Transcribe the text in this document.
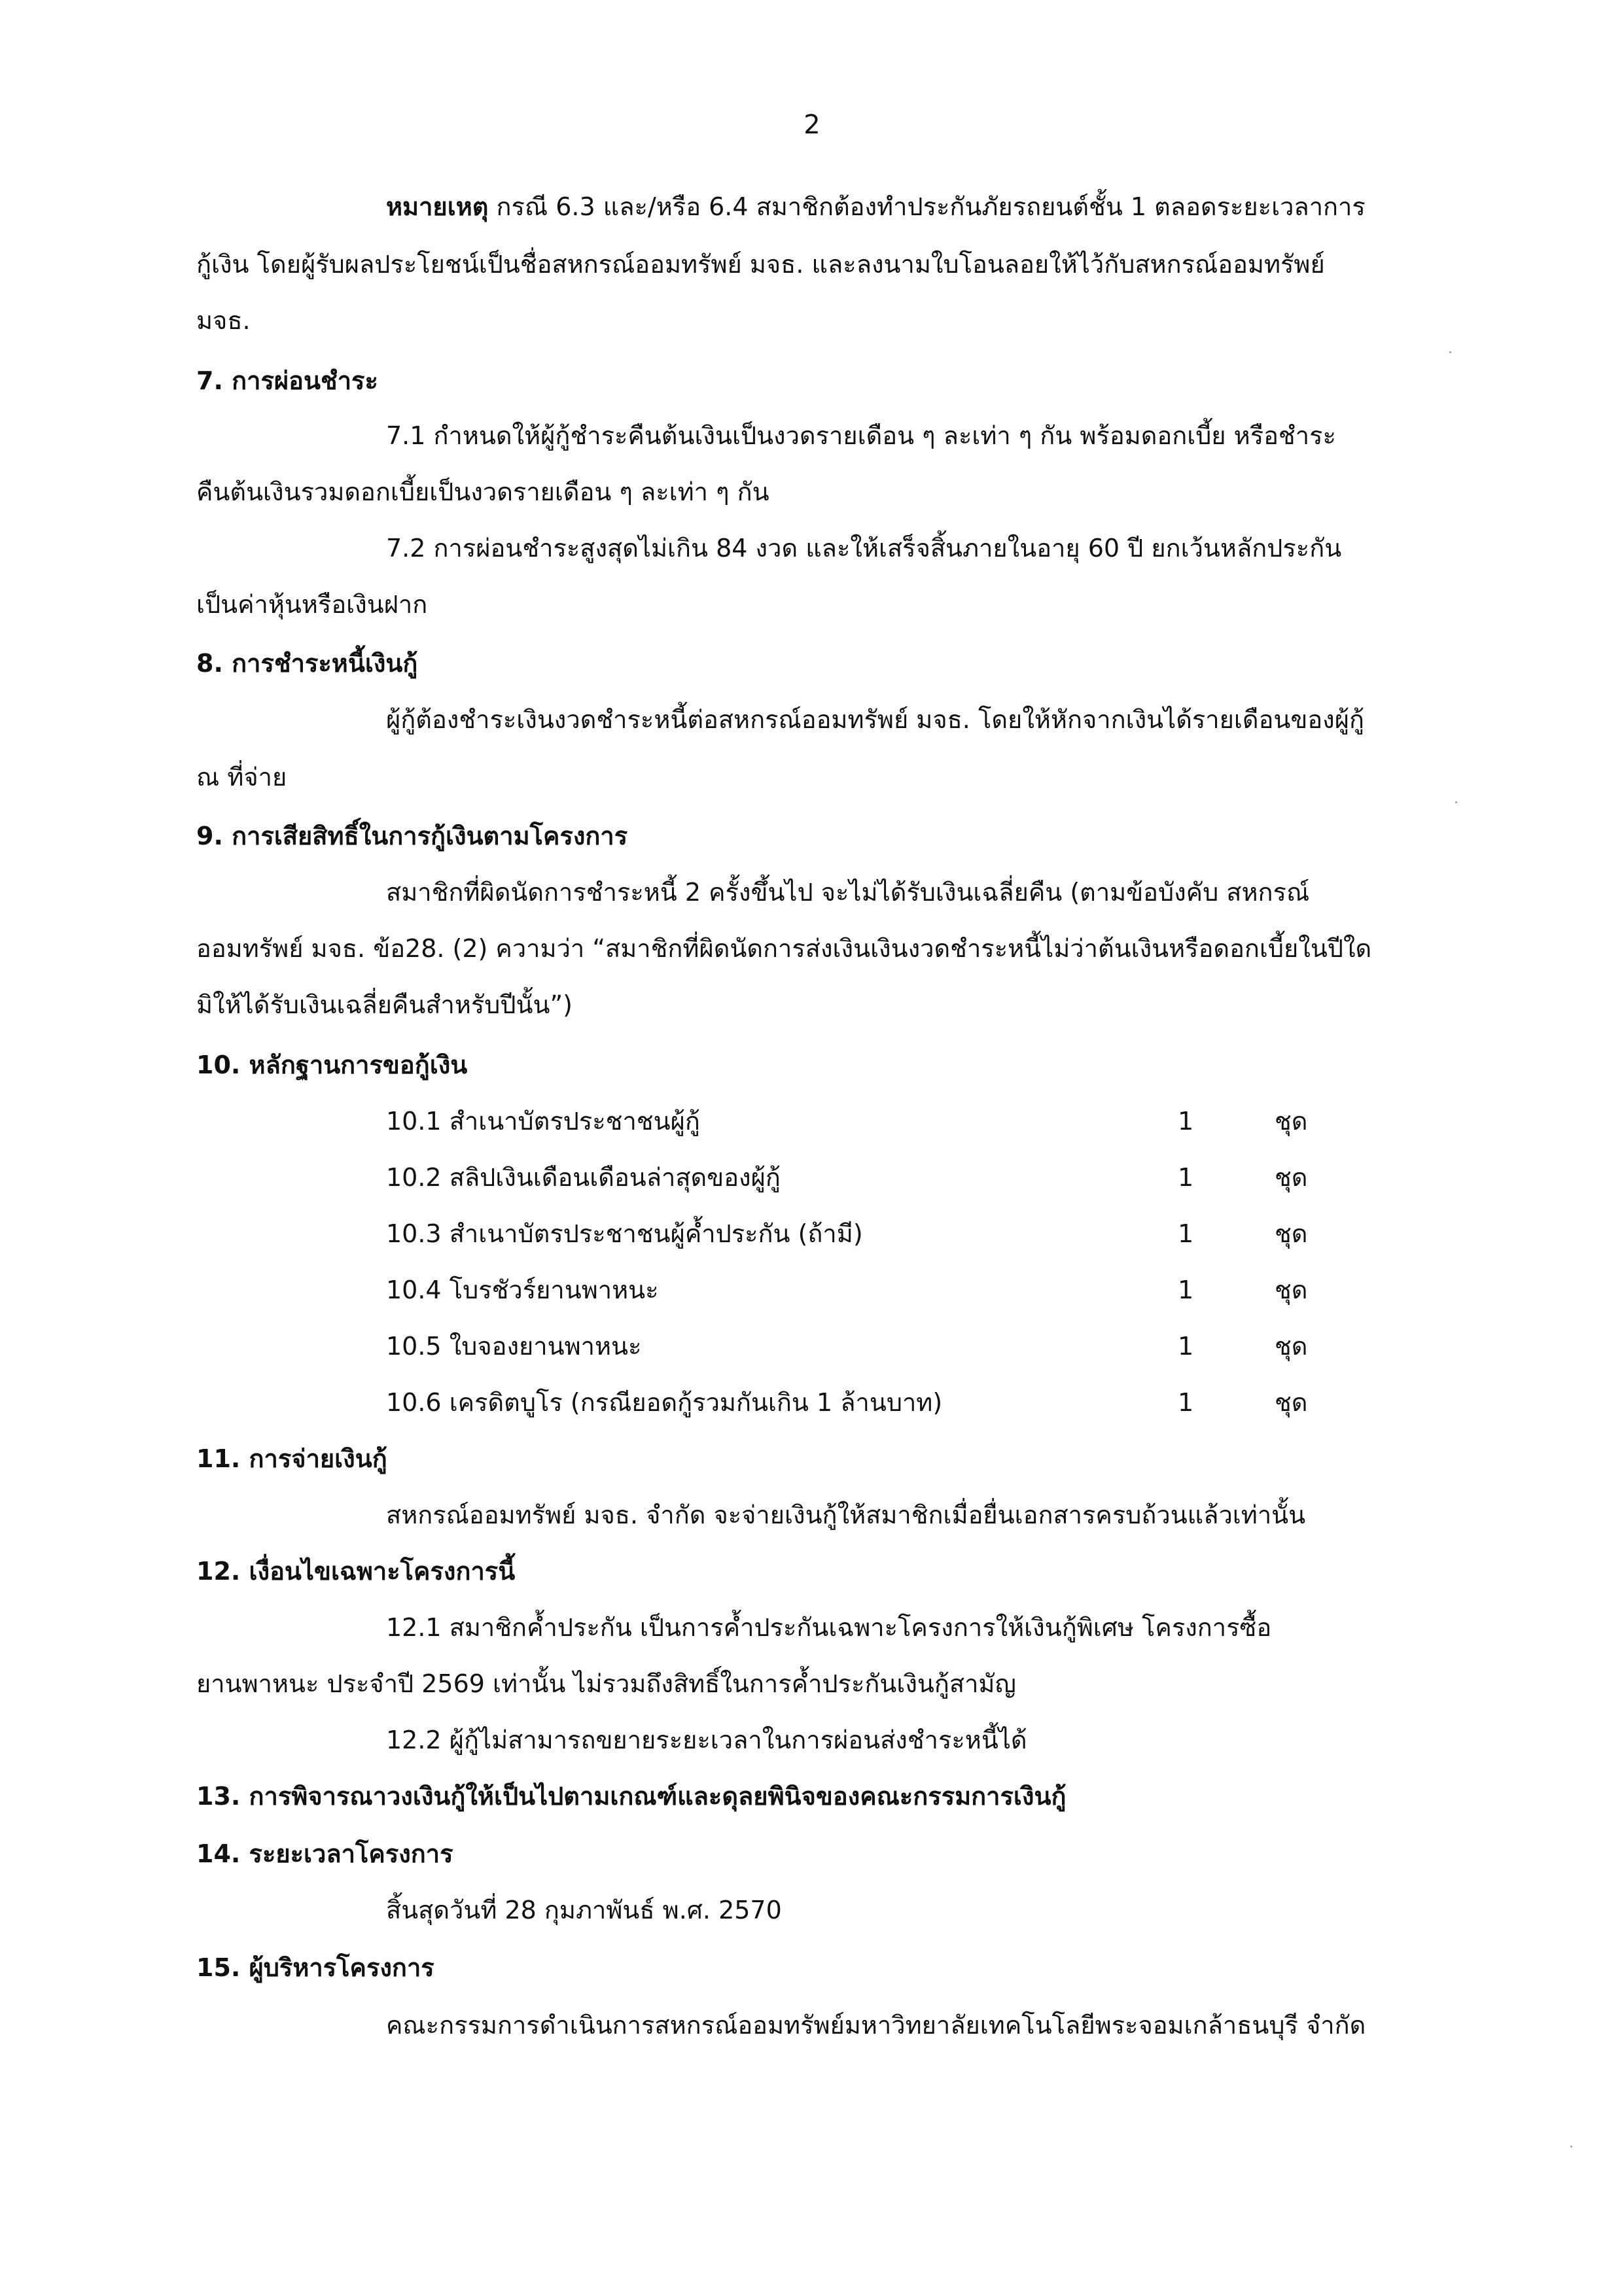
2
หมายเหตุ กรณี 6.3 และ/หรือ 6.4 สมาชิกต้องทำประกันภัยรถยนต์ชั้น 1 ตลอดระยะเวลาการ
กู้เงิน โดยผู้รับผลประโยชน์เป็นชื่อสหกรณ์ออมทรัพย์ มจธ. และลงนามใบโอนลอยให้ไว้กับสหกรณ์ออมทรัพย์
มจธ.
7. การผ่อนชำระ
7.1 กำหนดให้ผู้กู้ชำระคืนต้นเงินเป็นงวดรายเดือน ๆ ละเท่า ๆ กัน พร้อมดอกเบี้ย หรือชำระ
คืนต้นเงินรวมดอกเบี้ยเป็นงวดรายเดือน ๆ ละเท่า ๆ กัน
7.2 การผ่อนชำระสูงสุดไม่เกิน 84 งวด และให้เสร็จสิ้นภายในอายุ 60 ปี ยกเว้นหลักประกัน
เป็นค่าหุ้นหรือเงินฝาก
8. การชำระหนี้เงินกู้
ผู้กู้ต้องชำระเงินงวดชำระหนี้ต่อสหกรณ์ออมทรัพย์ มจธ. โดยให้หักจากเงินได้รายเดือนของผู้กู้
ณ ที่จ่าย
9. การเสียสิทธิ์ในการกู้เงินตามโครงการ
สมาชิกที่ผิดนัดการชำระหนี้ 2 ครั้งขึ้นไป จะไม่ได้รับเงินเฉลี่ยคืน (ตามข้อบังคับ สหกรณ์
ออมทรัพย์ มจธ. ข้อ28. (2) ความว่า “สมาชิกที่ผิดนัดการส่งเงินเงินงวดชำระหนี้ไม่ว่าต้นเงินหรือดอกเบี้ยในปีใด
มิให้ได้รับเงินเฉลี่ยคืนสำหรับปีนั้น”)
10. หลักฐานการขอกู้เงิน
10.1 สำเนาบัตรประชาชนผู้กู้	1	ชุด
10.2 สลิปเงินเดือนเดือนล่าสุดของผู้กู้	1	ชุด
10.3 สำเนาบัตรประชาชนผู้ค้ำประกัน (ถ้ามี)	1	ชุด
10.4 โบรชัวร์ยานพาหนะ	1	ชุด
10.5 ใบจองยานพาหนะ	1	ชุด
10.6 เครดิตบูโร (กรณียอดกู้รวมกันเกิน 1 ล้านบาท)	1	ชุด
11. การจ่ายเงินกู้
สหกรณ์ออมทรัพย์ มจธ. จำกัด จะจ่ายเงินกู้ให้สมาชิกเมื่อยื่นเอกสารครบถ้วนแล้วเท่านั้น
12. เงื่อนไขเฉพาะโครงการนี้
12.1 สมาชิกค้ำประกัน เป็นการค้ำประกันเฉพาะโครงการให้เงินกู้พิเศษ โครงการซื้อ
ยานพาหนะ ประจำปี 2569 เท่านั้น ไม่รวมถึงสิทธิ์ในการค้ำประกันเงินกู้สามัญ
12.2 ผู้กู้ไม่สามารถขยายระยะเวลาในการผ่อนส่งชำระหนี้ได้
13. การพิจารณาวงเงินกู้ให้เป็นไปตามเกณฑ์และดุลยพินิจของคณะกรรมการเงินกู้
14. ระยะเวลาโครงการ
สิ้นสุดวันที่ 28 กุมภาพันธ์ พ.ศ. 2570
15. ผู้บริหารโครงการ
คณะกรรมการดำเนินการสหกรณ์ออมทรัพย์มหาวิทยาลัยเทคโนโลยีพระจอมเกล้าธนบุรี จำกัด
